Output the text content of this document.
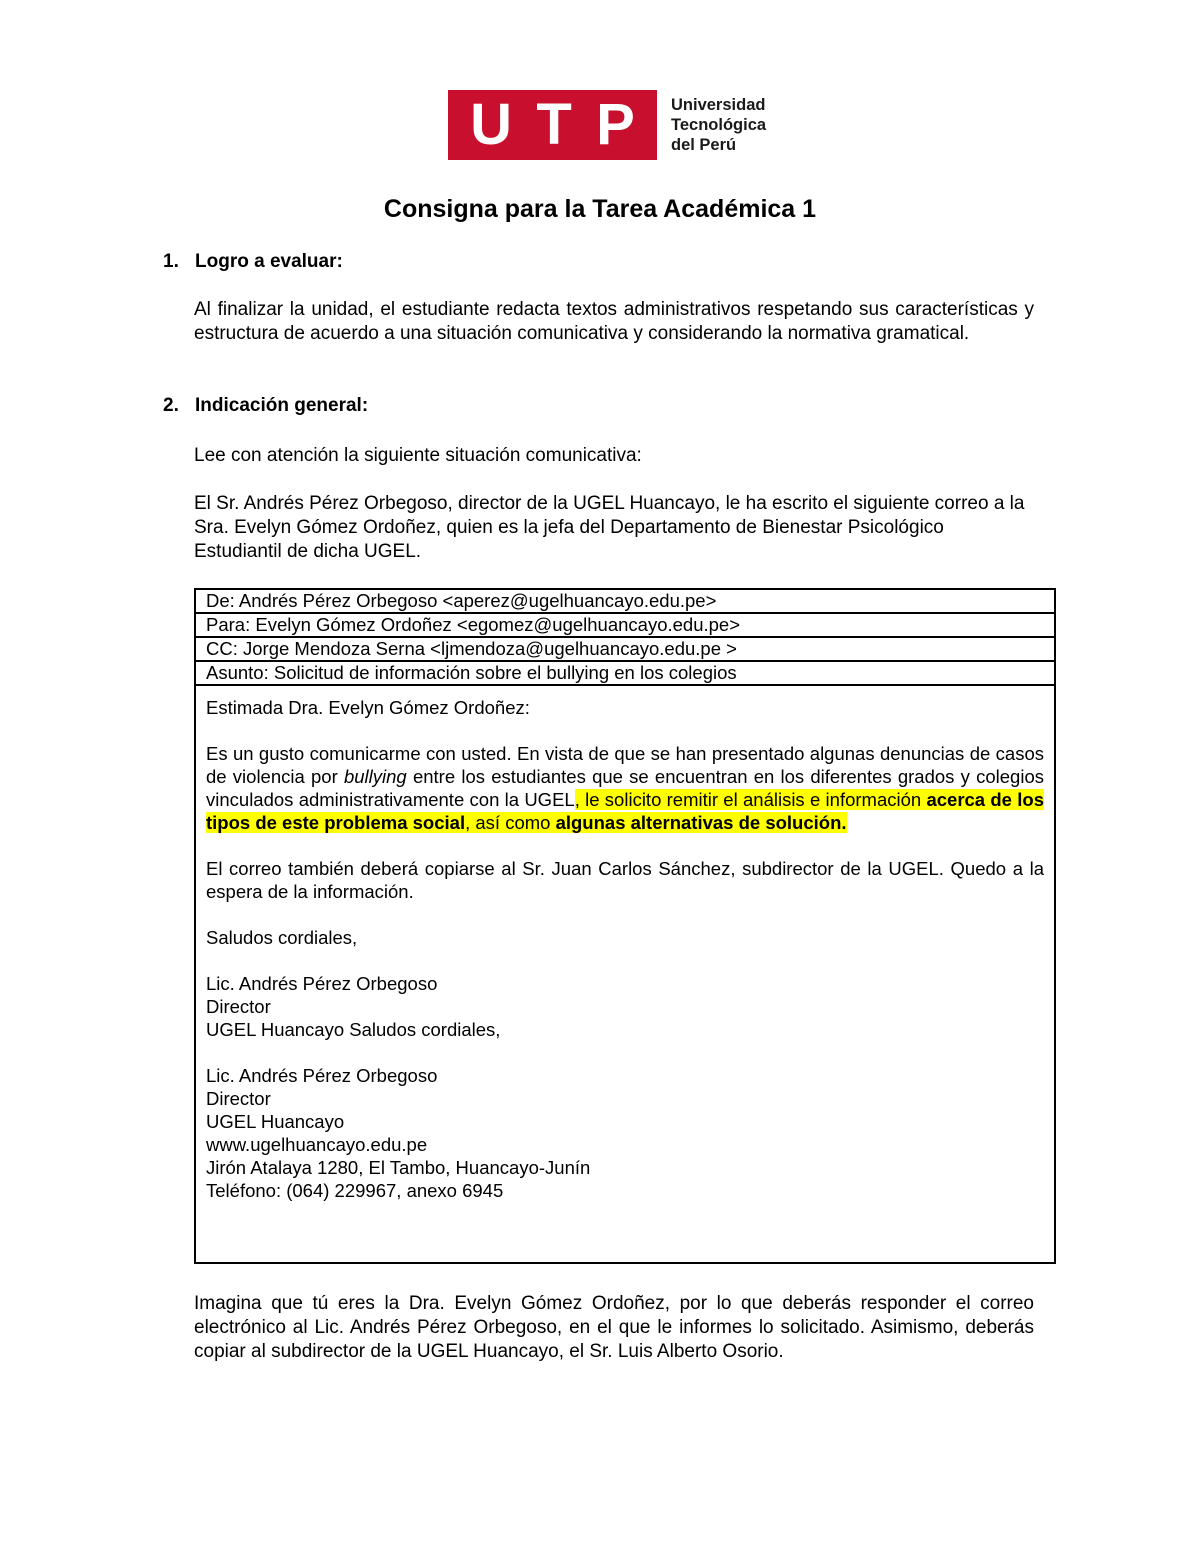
U T P Universidad
Tecnológica
del Perú
Consigna para la Tarea Académica 1
1. Logro a evaluar:
Al finalizar la unidad, el estudiante redacta textos administrativos respetando sus características y estructura de acuerdo a una situación comunicativa y considerando la normativa gramatical.
2. Indicación general:
Lee con atención la siguiente situación comunicativa:
El Sr. Andrés Pérez Orbegoso, director de la UGEL Huancayo, le ha escrito el siguiente correo a la Sra. Evelyn Gómez Ordoñez, quien es la jefa del Departamento de Bienestar Psicológico Estudiantil de dicha UGEL.
De: Andrés Pérez Orbegoso <aperez@ugelhuancayo.edu.pe>
Para: Evelyn Gómez Ordoñez <egomez@ugelhuancayo.edu.pe>
CC: Jorge Mendoza Serna <ljmendoza@ugelhuancayo.edu.pe >
Asunto: Solicitud de información sobre el bullying en los colegios

Estimada Dra. Evelyn Gómez Ordoñez:

Es un gusto comunicarme con usted. En vista de que se han presentado algunas denuncias de casos de violencia por bullying entre los estudiantes que se encuentran en los diferentes grados y colegios vinculados administrativamente con la UGEL, le solicito remitir el análisis e información acerca de los tipos de este problema social, así como algunas alternativas de solución.

El correo también deberá copiarse al Sr. Juan Carlos Sánchez, subdirector de la UGEL. Quedo a la espera de la información.

Saludos cordiales,

Lic. Andrés Pérez Orbegoso

Director

UGEL Huancayo Saludos cordiales,

Lic. Andrés Pérez Orbegoso

Director

UGEL Huancayo

www.ugelhuancayo.edu.pe

Jirón Atalaya 1280, El Tambo, Huancayo-Junín

Teléfono: (064) 229967, anexo 6945

Imagina que tú eres la Dra. Evelyn Gómez Ordoñez, por lo que deberás responder el correo electrónico al Lic. Andrés Pérez Orbegoso, en el que le informes lo solicitado. Asimismo, deberás copiar al subdirector de la UGEL Huancayo, el Sr. Luis Alberto Osorio.
